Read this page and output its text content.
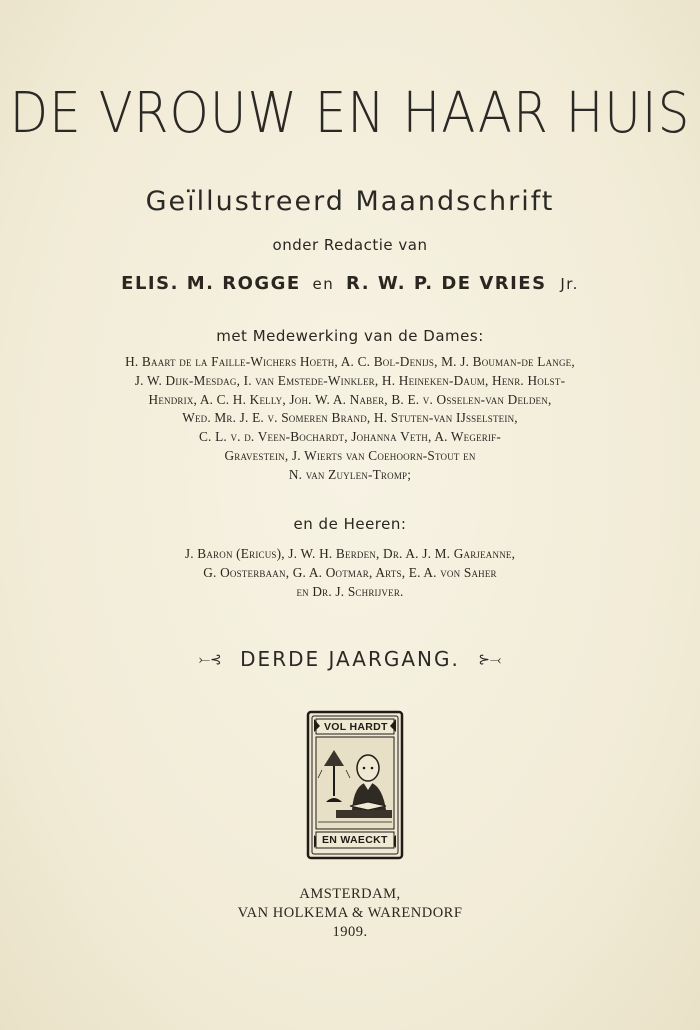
DE VROUW EN HAAR HUIS
Geïllustreerd Maandschrift
onder Redactie van
ELIS. M. ROGGE en R. W. P. DE VRIES Jr.
met Medewerking van de Dames:
H. Baart de la Faille-Wichers Hoeth, A. C. Bol-Denijs, M. J. Bouman-de Lange,
J. W. Dijk-Mesdag, I. van Emstede-Winkler, H. Heineken-Daum, Henr. Holst-
Hendrix, A. C. H. Kelly, Joh. W. A. Naber, B. E. v. Osselen-van Delden,
Wed. Mr. J. E. v. Someren Brand, H. Stuten-van IJsselstein,
C. L. v. d. Veen-Bochardt, Johanna Veth, A. Wegerif-
Gravestein, J. Wierts van Coehoorn-Stout en
N. van Zuylen-Tromp;
en de Heeren:
J. Baron (Ericus), J. W. H. Berden, Dr. A. J. M. Garjeanne,
G. Oosterbaan, G. A. Ootmar, Arts, E. A. von Saher
en Dr. J. Schrijver.
⤚⊰ DERDE JAARGANG. ⊱⤙
VOL HARDT
EN WAECKT
AMSTERDAM,
VAN HOLKEMA & WARENDORF
1909.
